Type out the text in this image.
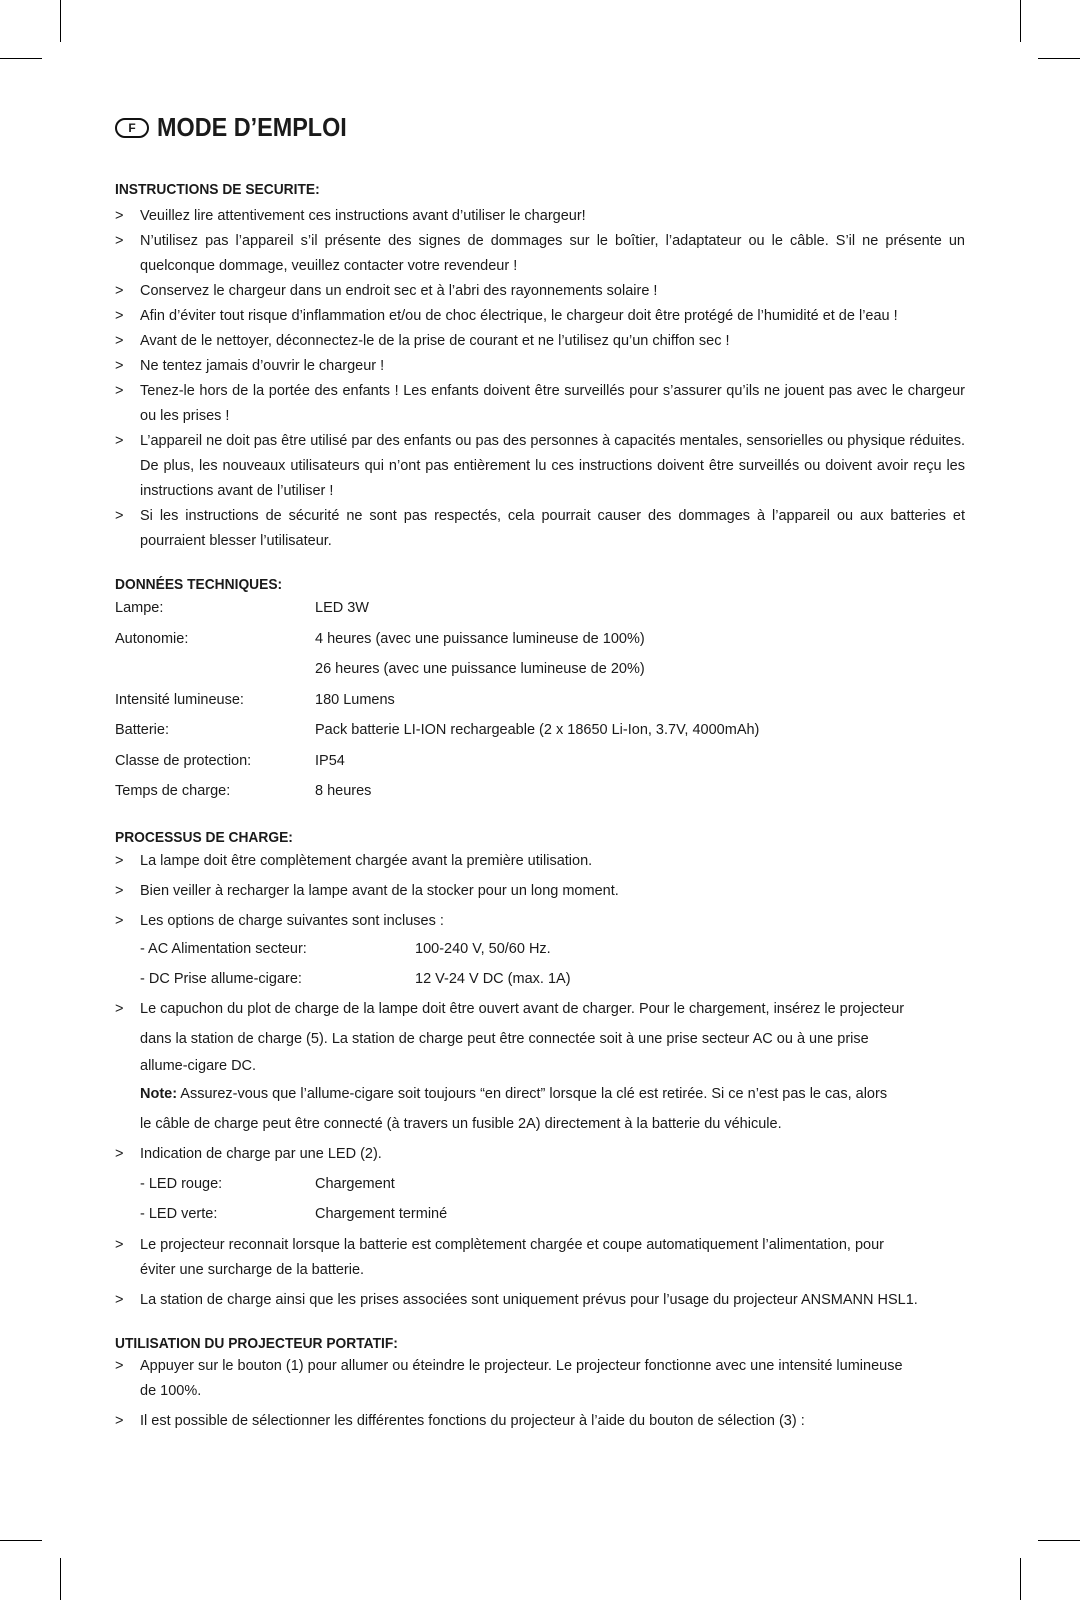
F MODE D’EMPLOI
INSTRUCTIONS DE SECURITE:
> Veuillez lire attentivement ces instructions avant d’utiliser le chargeur!
> N’utilisez pas l’appareil s’il présente des signes de dommages sur le boîtier, l’adaptateur ou le câble. S’il ne présente un quelconque dommage, veuillez contacter votre revendeur !
> Conservez le chargeur dans un endroit sec et à l’abri des rayonnements solaire !
> Afin d’éviter tout risque d’inflammation et/ou de choc électrique, le chargeur doit être protégé de l’humidité et de l’eau !
> Avant de le nettoyer, déconnectez-le de la prise de courant et ne l’utilisez qu’un chiffon sec !
> Ne tentez jamais d’ouvrir le chargeur !
> Tenez-le hors de la portée des enfants ! Les enfants doivent être surveillés pour s’assurer qu’ils ne jouent pas avec le chargeur ou les prises !
> L’appareil ne doit pas être utilisé par des enfants ou pas des personnes à capacités mentales, sensorielles ou physique réduites. De plus, les nouveaux utilisateurs qui n’ont pas entièrement lu ces instructions doivent être surveillés ou doivent avoir reçu les instructions avant de l’utiliser !
> Si les instructions de sécurité ne sont pas respectés, cela pourrait causer des dommages à l’appareil ou aux batteries et pourraient blesser l’utilisateur.
DONNÉES TECHNIQUES:
Lampe:	LED 3W
Autonomie:	4 heures (avec une puissance lumineuse de 100%)
	26 heures (avec une puissance lumineuse de 20%)
Intensité lumineuse:	180 Lumens
Batterie:	Pack batterie LI-ION rechargeable (2 x 18650 Li-Ion, 3.7V, 4000mAh)
Classe de protection:	IP54
Temps de charge:	8 heures
PROCESSUS DE CHARGE:
> La lampe doit être complètement chargée avant la première utilisation.
> Bien veiller à recharger la lampe avant de la stocker pour un long moment.
> Les options de charge suivantes sont incluses :
- AC Alimentation secteur:	100-240 V, 50/60 Hz.
- DC Prise allume-cigare:	12 V-24 V DC (max. 1A)
> Le capuchon du plot de charge de la lampe doit être ouvert avant de charger. Pour le chargement, insérez le projecteur
dans la station de charge (5). La station de charge peut être connectée soit à une prise secteur AC ou à une prise
allume-cigare DC.
Note: Assurez-vous que l’allume-cigare soit toujours “en direct” lorsque la clé est retirée. Si ce n’est pas le cas, alors
le câble de charge peut être connecté (à travers un fusible 2A) directement à la batterie du véhicule.
> Indication de charge par une LED (2).
- LED rouge:	Chargement
- LED verte:	Chargement terminé
> Le projecteur reconnait lorsque la batterie est complètement chargée et coupe automatiquement l’alimentation, pour éviter une surcharge de la batterie.
> La station de charge ainsi que les prises associées sont uniquement prévus pour l’usage du projecteur ANSMANN HSL1.
UTILISATION DU PROJECTEUR PORTATIF:
> Appuyer sur le bouton (1) pour allumer ou éteindre le projecteur. Le projecteur fonctionne avec une intensité lumineuse de 100%.
> Il est possible de sélectionner les différentes fonctions du projecteur à l’aide du bouton de sélection (3) :
